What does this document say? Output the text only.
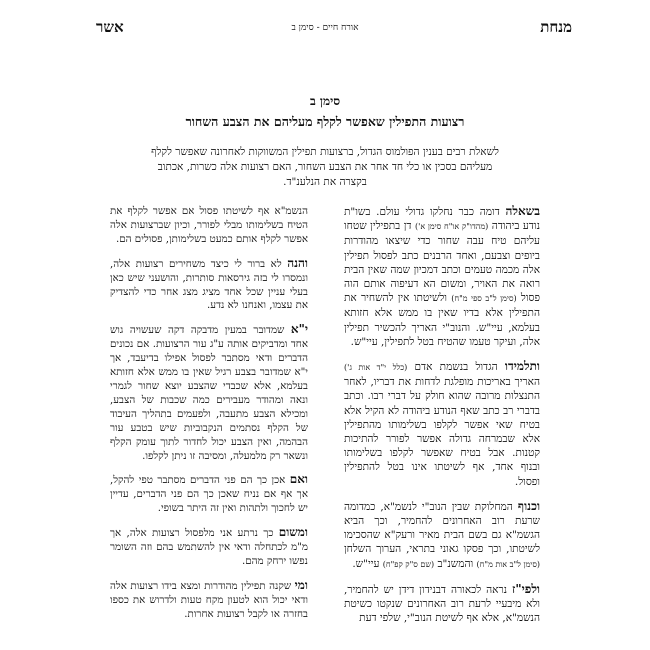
מנחת
אורח חיים - סימן ב
אשר
סימן ב
רצועות התפילין שאפשר לקלף מעליהם את הצבע השחור
לשאלת רבים בענין הפולמוס הגדול, ברצועות תפילין המשווקות לאחרונה שאפשר לקלף מעליהם בסכין או כלי חד אחר את הצבע השחור, האם רצועות אלה כשרות, אכתוב בקצרה את הנלענ"ד.

בשאלה דומה כבר נחלקו גדולי עולם. בשו"ת נודע ביהודה (מהדו"ק או"ח סימן א') דן בתפילין שטחו עליהם טיח עבה שחור כדי שיצאו מהודרות ביופים וצבעם, ואחד הרבנים כתב לפסול תפילין אלה מכמה טעמים וכתב דמכיון שמה שאין הבית רואה את האויר, ומשום הא דעיפוה אותם הוה פסול (סימן ל"ב ספי מ"ח) ולשיטתו אין להשחיר את התפילין אלא בדיו שאין בו ממש אלא חזותא בעלמא, עיי"ש. והנוב"י האריך להכשיר תפילין אלה, ועיקר טעמו שהטיח בטל לתפילין, עיי"ש.

ותלמידו הגדול בנשמת אדם (כלל י"ד אות ג') האריך באריכות מופלגת לדחות את דבריו, לאחר התנצלות מרובה שהוא חולק על דברי רבו. וכתב בדברי רב כתב שאף הנודע ביהודה לא הקיל אלא בטיח שאי אפשר לקלפו בשלימותו מהתפילין אלא שבמרחה גדולה אפשר לפורר להתיכות קטנות. אבל בטיח שאפשר לקלפו בשלימותו ובנוף אחד, אף לשיטתו אינו בטל להתפילין ופסול.

וכנוף המחלוקת שבין הנוב"י לנשמ"א, כמדומה שרעת רוב האחרונים להחמיר, וכך הביא הגשמ"א גם בשם הבית מאיר ורעק"א שהסכימו לשיטתו, וכך פסקו גאוני בתראי, הערוך השלחן (סימן ל"ב אות מ"ח) והמשנ"ב (שם ס"ק קפ"ח) עיי"ש.

ולפי"ז נראה לכאורה דבנידון דידן יש להחמיר, ולא מיבעיי לרעת רוב האחרונים שנקטו כשיטת הנשמ"א, אלא אף לשיטת הנוב"י, שלפי דעת

הנשמ"א אף לשיטתו פסול אם אפשר לקלף את הטיח בשלימותו מבלי לפורר, וכיון שברצועות אלה אפשר לקלף אותם כמעט בשלימותן, פסולים הם.

והנה לא ברור לי כיצד משחירים רצועות אלה, ונמסרו לי בזה גירסאות סותרות, והושעני שיש כאן בעלי עניין שכל אחד מציג מצג אחר כדי להצדיק את עצמו, ואנחנו לא נדע.

י"א שמדובר במעין מדבקה דקה שעשויה גוש אחד ומדביקים אותה ע"ג עור הרצועות. אם נכונים הדברים ודאי מסתבר לפסול אפילו בדיעבד, אך י"א שמדובר בצבע רגיל שאין בו ממש אלא חזותא בעלמא, אלא שכבדי שהצבע יוצא שחור לגמרי ונאה ומהודר מעבירים כמה שכבות של הצבע, ומכילא הצבע מתעבה, ולפעמים בתהליך העיבוד של הקלף נסתמים הנקבוביות שיש בטבע עור הבהמה, ואין הצבע יכול לחדור לתוך עומק הקלף ונשאר רק מלמעלה, ומסיבה זו ניתן לקלפו.

ואם אכן כך הם פני הדברים מסתבר טפי להקל, אך אף אם נניח שאכן כך הם פני הדברים, עדיין יש לחכוך ולתהות ואין זה היתר בשופי.

ומשום כך נרתע אני מלפסול רצועות אלה, אך מ"מ לכתחלה ודאי אין להשתמש בהם וזה השומר נפשו ירחק מהם.

ומי שקנה תפילין מהודרות ומצא בידו רצועות אלה ודאי יכול הוא לטעון מקח טעות ולדרוש את כספו בחזרה או לקבל רצועות אחרות.
